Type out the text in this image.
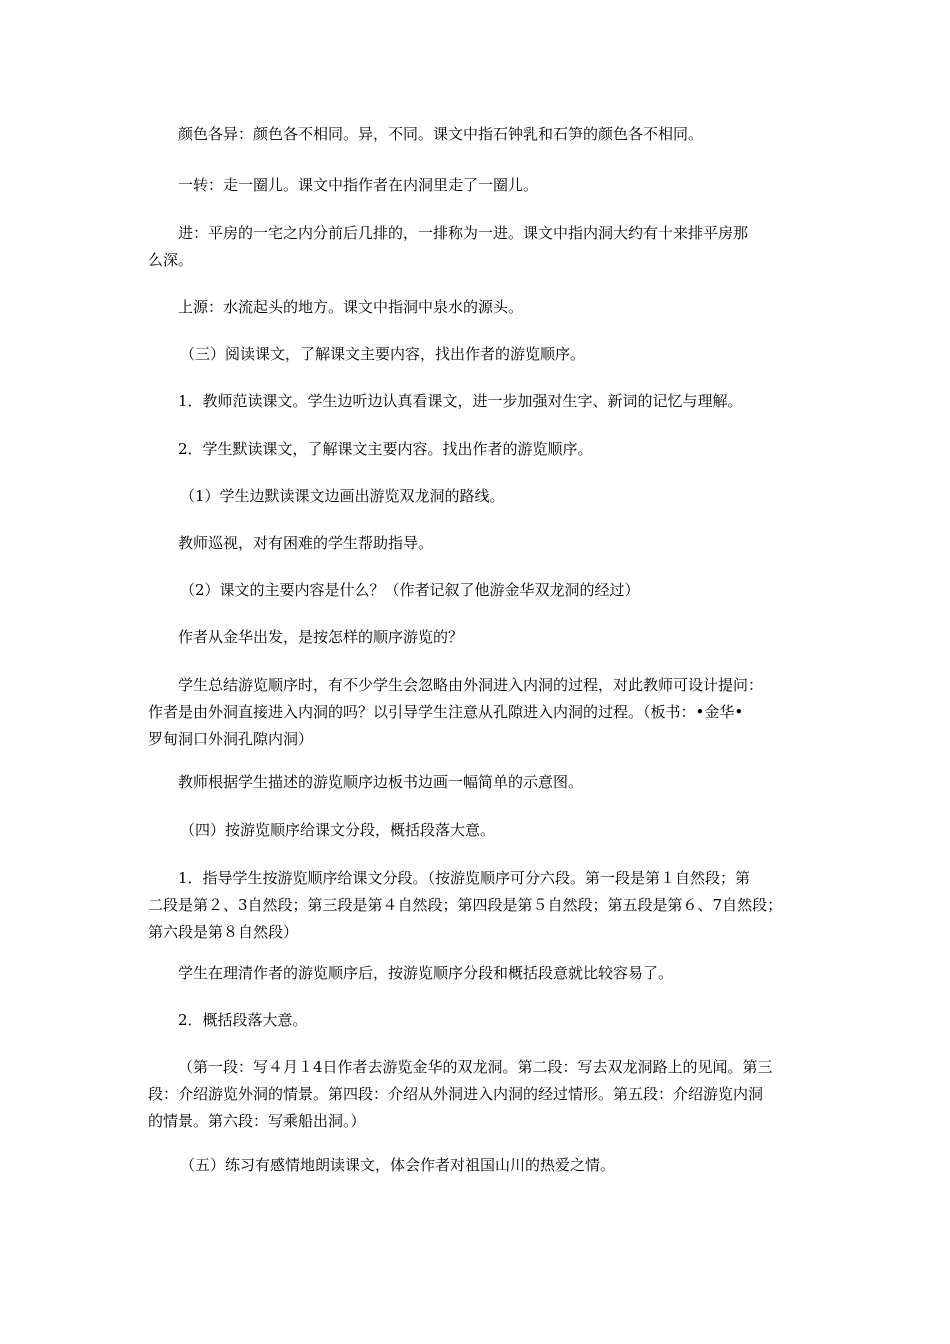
颜色各异：颜色各不相同。异，不同。课文中指石钟乳和石笋的颜色各不相同。

一转：走一圈儿。课文中指作者在内洞里走了一圈儿。

进：平房的一宅之内分前后几排的，一排称为一进。课文中指内洞大约有十来排平房那
么深。

上源：水流起头的地方。课文中指洞中泉水的源头。

（三）阅读课文，了解课文主要内容，找出作者的游览顺序。

1．教师范读课文。学生边听边认真看课文，进一步加强对生字、新词的记忆与理解。

2．学生默读课文，了解课文主要内容。找出作者的游览顺序。

（1）学生边默读课文边画出游览双龙洞的路线。

教师巡视，对有困难的学生帮助指导。

（2）课文的主要内容是什么？（作者记叙了他游金华双龙洞的经过）

作者从金华出发，是按怎样的顺序游览的？

学生总结游览顺序时，有不少学生会忽略由外洞进入内洞的过程，对此教师可设计提问：
作者是由外洞直接进入内洞的吗？以引导学生注意从孔隙进入内洞的过程。（板书：•金华•
罗甸洞口外洞孔隙内洞）

教师根据学生描述的游览顺序边板书边画一幅简单的示意图。

（四）按游览顺序给课文分段，概括段落大意。

1．指导学生按游览顺序给课文分段。（按游览顺序可分六段。第一段是第１自然段；第
二段是第２、3自然段；第三段是第４自然段；第四段是第５自然段；第五段是第６、7自然段；
第六段是第８自然段）

学生在理清作者的游览顺序后，按游览顺序分段和概括段意就比较容易了。

2．概括段落大意。

（第一段：写４月１4日作者去游览金华的双龙洞。第二段：写去双龙洞路上的见闻。第三
段：介绍游览外洞的情景。第四段：介绍从外洞进入内洞的经过情形。第五段：介绍游览内洞
的情景。第六段：写乘船出洞。）

（五）练习有感情地朗读课文，体会作者对祖国山川的热爱之情。
